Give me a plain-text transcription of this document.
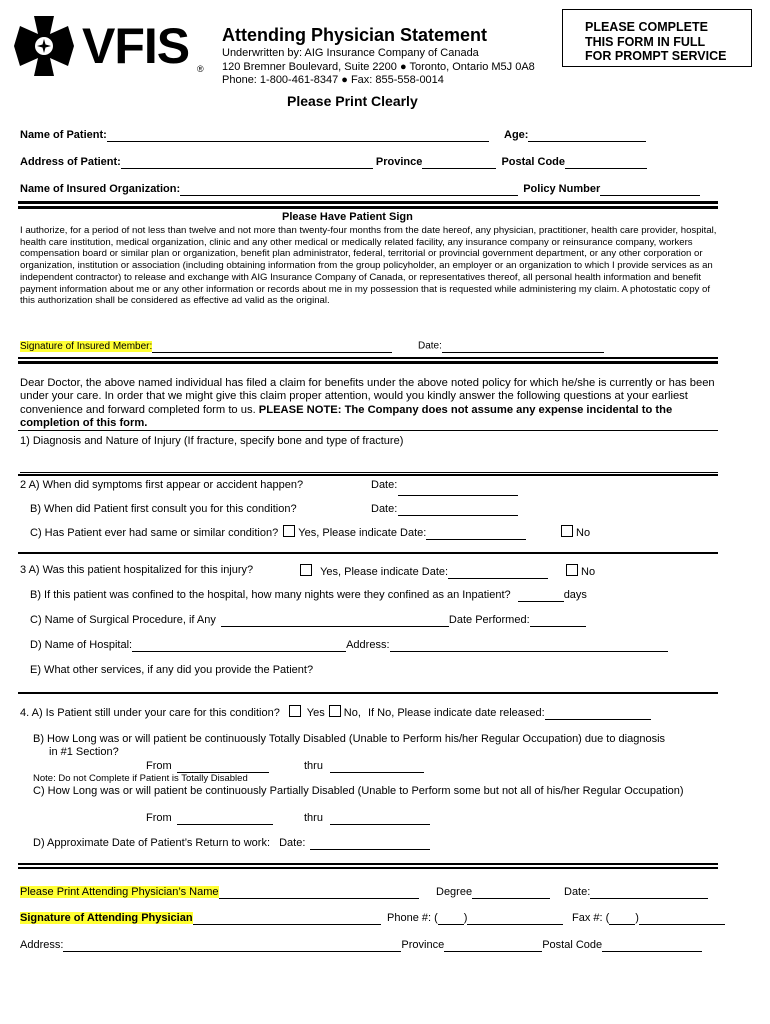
VFIS ®
Attending Physician Statement
Underwritten by: AIG Insurance Company of Canada
120 Bremner Boulevard, Suite 2200 ● Toronto, Ontario M5J 0A8
Phone: 1-800-461-8347 ● Fax: 855-558-0014
PLEASE COMPLETE
THIS FORM IN FULL
FOR PROMPT SERVICE
Please Print Clearly
Name of Patient:	Age:
Address of Patient:	Province	Postal Code
Name of Insured Organization:	Policy Number
Please Have Patient Sign
I authorize, for a period of not less than twelve and not more than twenty-four months from the date hereof, any physician, practitioner, health care provider, hospital, health care institution, medical organization, clinic and any other medical or medically related facility, any insurance company or reinsurance company, workers compensation board or similar plan or organization, benefit plan administrator, federal, territorial or provincial government department, or any other corporation or organization, institution or association (including obtaining information from the group policyholder, an employer or an organization to which I provide services as an independent contractor) to release and exchange with AIG Insurance Company of Canada, or representatives thereof, all personal health information and benefit payment information about me or any other information or records about me in my possession that is requested while administering my claim. A photostatic copy of this authorization shall be considered as effective ad valid as the original.
Signature of Insured Member:	Date:
Dear Doctor, the above named individual has filed a claim for benefits under the above noted policy for which he/she is currently or has been under your care. In order that we might give this claim proper attention, would you kindly answer the following questions at your earliest convenience and forward completed form to us. PLEASE NOTE: The Company does not assume any expense incidental to the completion of this form.
1) Diagnosis and Nature of Injury (If fracture, specify bone and type of fracture)
2 A) When did symptoms first appear or accident happen?	Date:
B) When did Patient first consult you for this condition?	Date:
C) Has Patient ever had same or similar condition? Yes, Please indicate Date:	No
3 A) Was this patient hospitalized for this injury?	Yes, Please indicate Date:	No
B) If this patient was confined to the hospital, how many nights were they confined as an Inpatient?	days
C) Name of Surgical Procedure, if Any	Date Performed:
D) Name of Hospital:	Address:
E) What other services, if any did you provide the Patient?
4. A) Is Patient still under your care for this condition? Yes No, If No, Please indicate date released:
B) How Long was or will patient be continuously Totally Disabled (Unable to Perform his/her Regular Occupation) due to diagnosis
in #1 Section?
From	thru
Note: Do not Complete if Patient is Totally Disabled
C) How Long was or will patient be continuously Partially Disabled (Unable to Perform some but not all of his/her Regular Occupation)
From	thru
D) Approximate Date of Patient’s Return to work: Date:
Please Print Attending Physician’s Name	Degree	Date:
Signature of Attending Physician	Phone #: ( )	Fax #: ( )
Address:	Province	Postal Code
